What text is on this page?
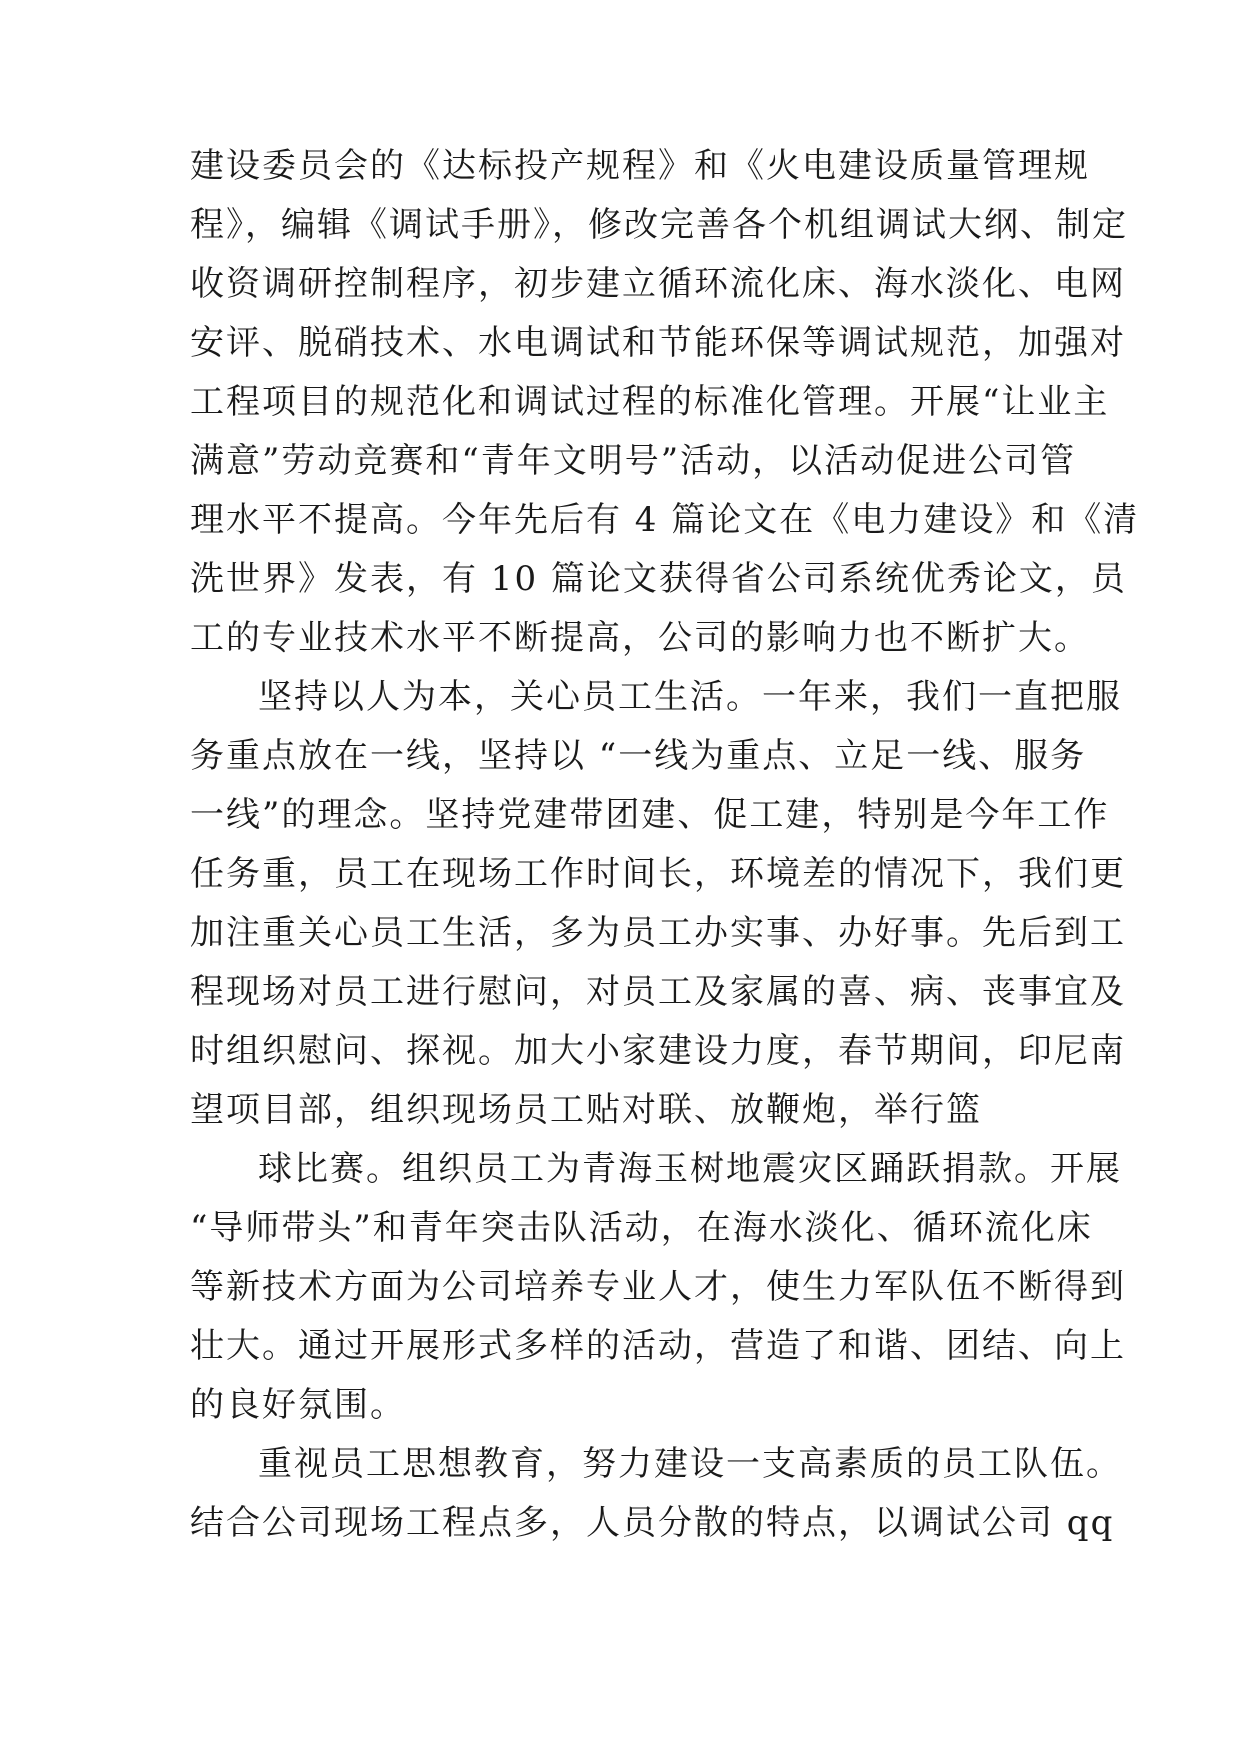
建设委员会的《达标投产规程》和《火电建设质量管理规
程》，编辑《调试手册》，修改完善各个机组调试大纲、制定
收资调研控制程序，初步建立循环流化床、海水淡化、电网
安评、脱硝技术、水电调试和节能环保等调试规范，加强对
工程项目的规范化和调试过程的标准化管理。开展“让业主
满意”劳动竞赛和“青年文明号”活动，以活动促进公司管
理水平不提高。今年先后有 4 篇论文在《电力建设》和《清
洗世界》发表，有 10 篇论文获得省公司系统优秀论文，员
工的专业技术水平不断提高，公司的影响力也不断扩大。
坚持以人为本，关心员工生活。一年来，我们一直把服
务重点放在一线，坚持以 “一线为重点、立足一线、服务
一线”的理念。坚持党建带团建、促工建，特别是今年工作
任务重，员工在现场工作时间长，环境差的情况下，我们更
加注重关心员工生活，多为员工办实事、办好事。先后到工
程现场对员工进行慰问，对员工及家属的喜、病、丧事宜及
时组织慰问、探视。加大小家建设力度，春节期间，印尼南
望项目部，组织现场员工贴对联、放鞭炮，举行篮
球比赛。组织员工为青海玉树地震灾区踊跃捐款。开展
“导师带头”和青年突击队活动，在海水淡化、循环流化床
等新技术方面为公司培养专业人才，使生力军队伍不断得到
壮大。通过开展形式多样的活动，营造了和谐、团结、向上
的良好氛围。
重视员工思想教育，努力建设一支高素质的员工队伍。
结合公司现场工程点多，人员分散的特点，以调试公司 qq
